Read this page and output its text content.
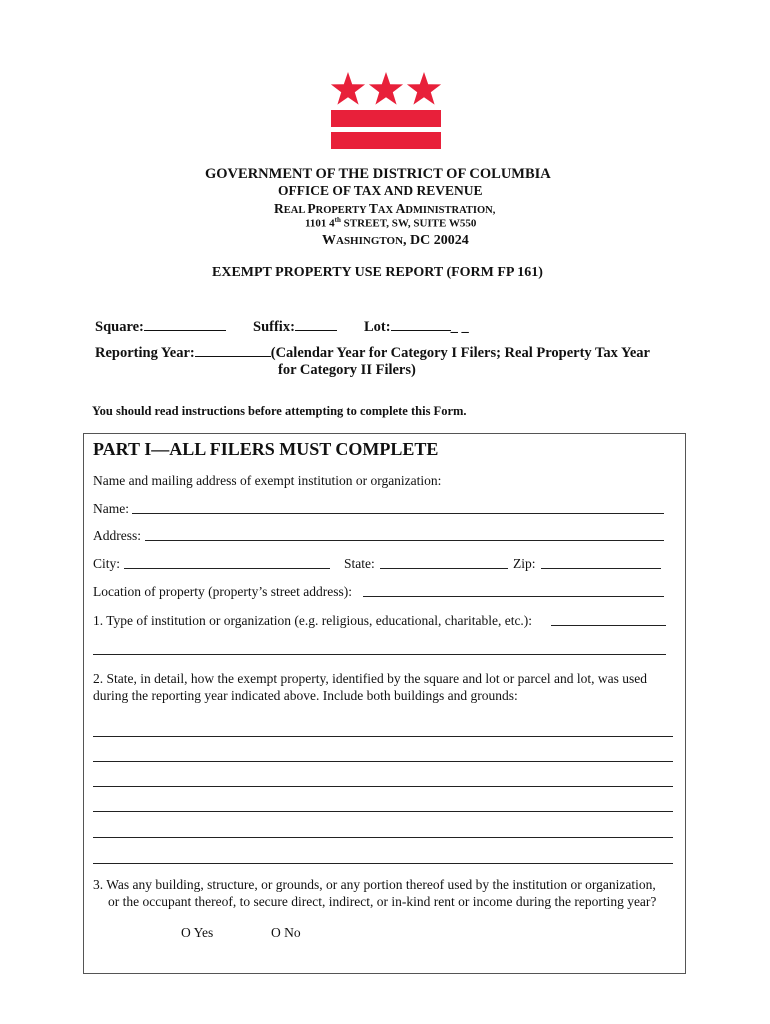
GOVERNMENT OF THE DISTRICT OF COLUMBIA
OFFICE OF TAX AND REVENUE
REAL PROPERTY TAX ADMINISTRATION,
1101 4th STREET, SW, SUITE W550
WASHINGTON, DC 20024
EXEMPT PROPERTY USE REPORT (FORM FP 161)
Square:	Suffix:	Lot:	_ _
Reporting Year:	(Calendar Year for Category I Filers; Real Property Tax Year
for Category II Filers)
You should read instructions before attempting to complete this Form.
PART I—ALL FILERS MUST COMPLETE
Name and mailing address of exempt institution or organization:
Name:
Address:
City:	State:	Zip:
Location of property (property’s street address):
1. Type of institution or organization (e.g. religious, educational, charitable, etc.):
2. State, in detail, how the exempt property, identified by the square and lot or parcel and lot, was used
during the reporting year indicated above. Include both buildings and grounds:
3. Was any building, structure, or grounds, or any portion thereof used by the institution or organization,
or the occupant thereof, to secure direct, indirect, or in-kind rent or income during the reporting year?
O Yes	O No
